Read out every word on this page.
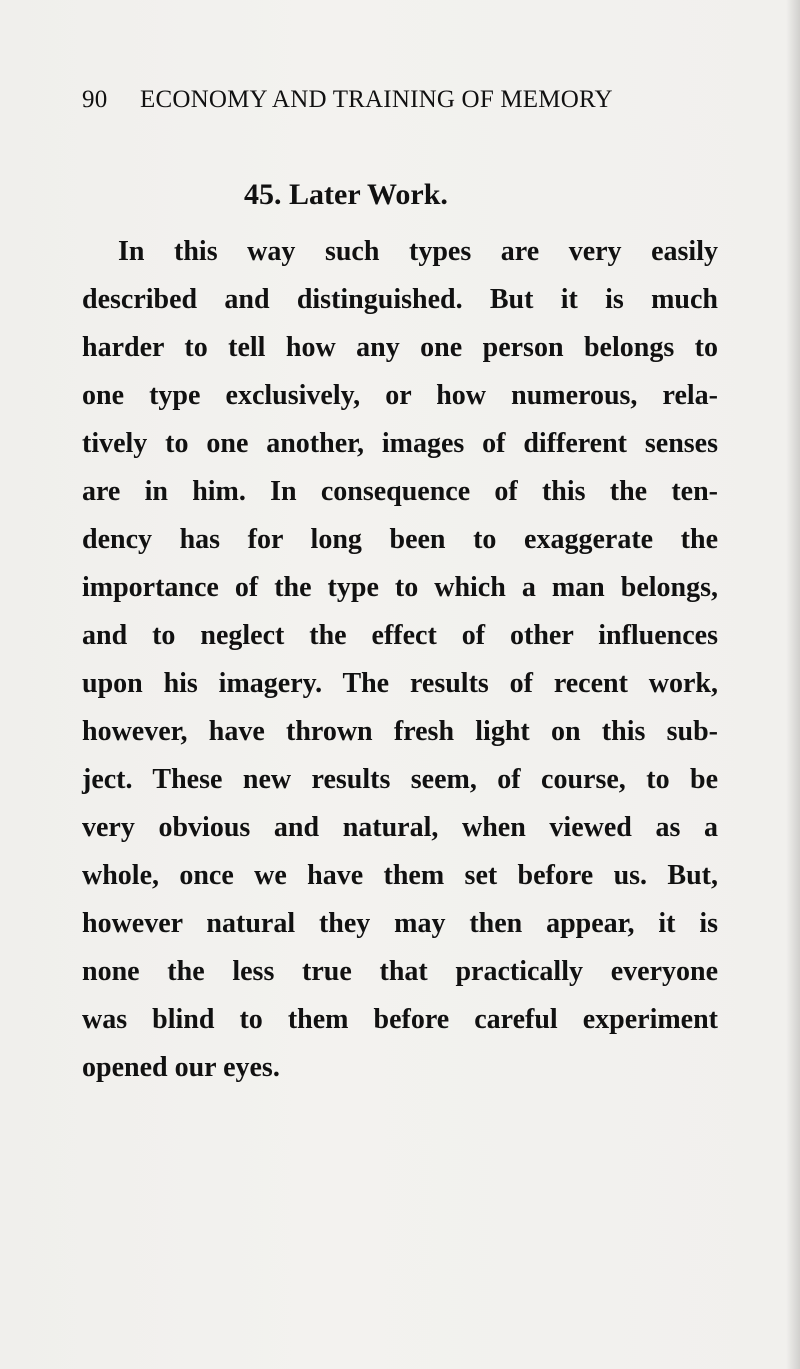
90 ECONOMY AND TRAINING OF MEMORY
45. Later Work.
In this way such types are very easily
described and distinguished. But it is much
harder to tell how any one person belongs to
one type exclusively, or how numerous, rela-
tively to one another, images of different senses
are in him. In consequence of this the ten-
dency has for long been to exaggerate the
importance of the type to which a man belongs,
and to neglect the effect of other influences
upon his imagery. The results of recent work,
however, have thrown fresh light on this sub-
ject. These new results seem, of course, to be
very obvious and natural, when viewed as a
whole, once we have them set before us. But,
however natural they may then appear, it is
none the less true that practically everyone
was blind to them before careful experiment
opened our eyes.
